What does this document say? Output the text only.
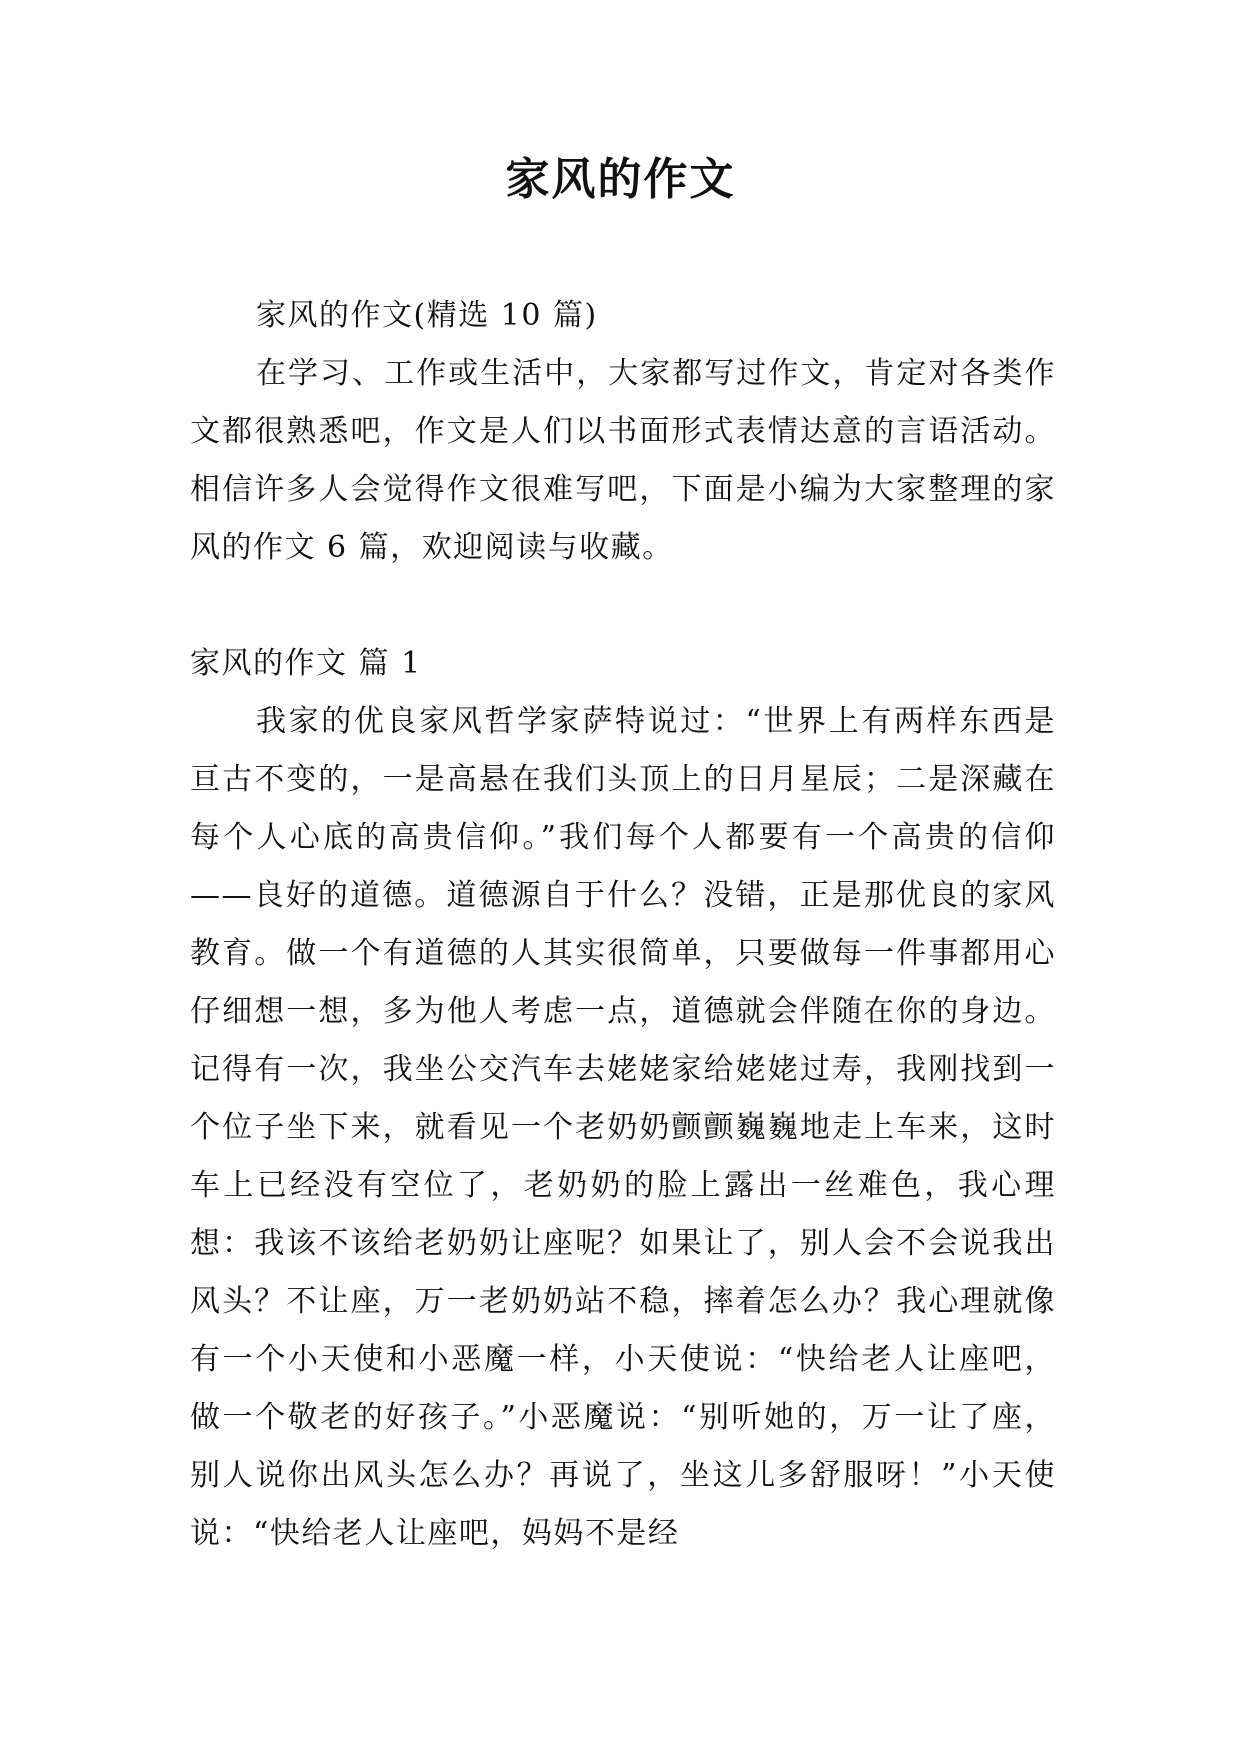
家风的作文

家风的作文(精选 10 篇)

在学习、工作或生活中，大家都写过作文，肯定对各类作文都很熟悉吧，作文是人们以书面形式表情达意的言语活动。相信许多人会觉得作文很难写吧，下面是小编为大家整理的家风的作文 6 篇，欢迎阅读与收藏。

家风的作文 篇 1

我家的优良家风哲学家萨特说过：“世界上有两样东西是亘古不变的，一是高悬在我们头顶上的日月星辰；二是深藏在每个人心底的高贵信仰。”我们每个人都要有一个高贵的信仰——良好的道德。道德源自于什么？没错，正是那优良的家风教育。做一个有道德的人其实很简单，只要做每一件事都用心仔细想一想，多为他人考虑一点，道德就会伴随在你的身边。记得有一次，我坐公交汽车去姥姥家给姥姥过寿，我刚找到一个位子坐下来，就看见一个老奶奶颤颤巍巍地走上车来，这时车上已经没有空位了，老奶奶的脸上露出一丝难色，我心理想：我该不该给老奶奶让座呢？如果让了，别人会不会说我出风头？不让座，万一老奶奶站不稳，摔着怎么办？我心理就像有一个小天使和小恶魔一样，小天使说：“快给老人让座吧，做一个敬老的好孩子。”小恶魔说：“别听她的，万一让了座，别人说你出风头怎么办？再说了，坐这儿多舒服呀！”小天使说：“快给老人让座吧，妈妈不是经
